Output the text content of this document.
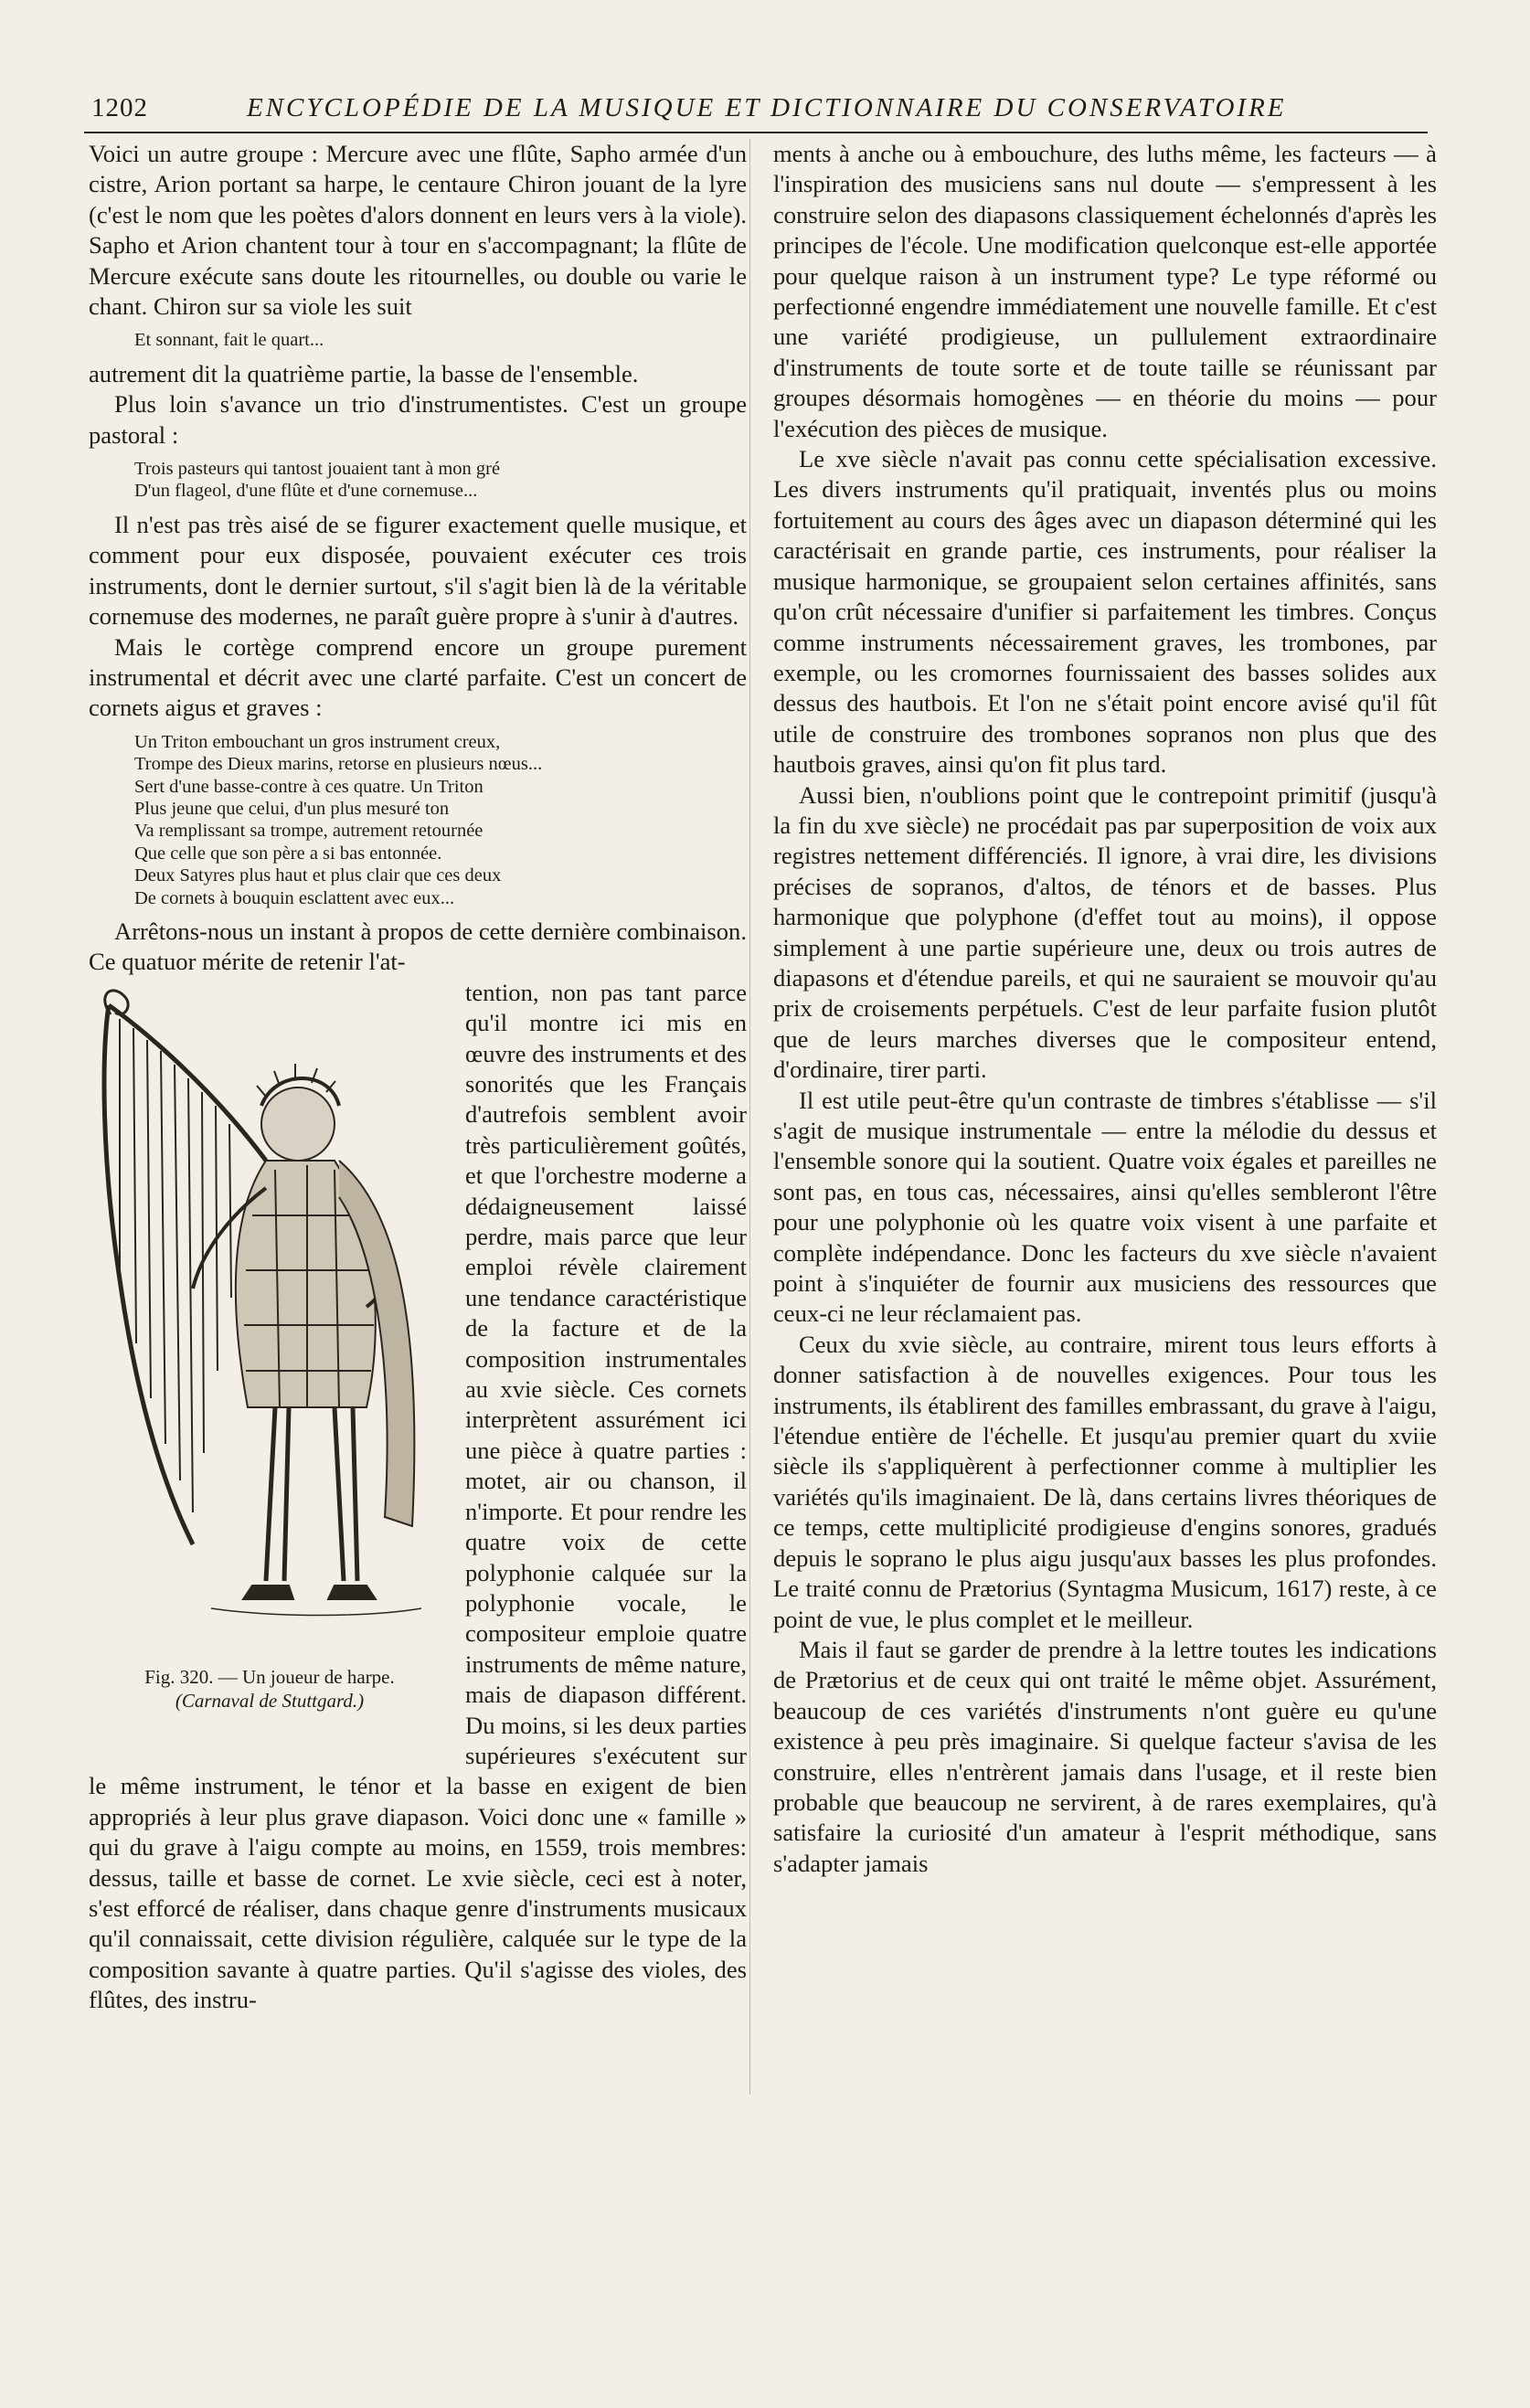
1202	ENCYCLOPÉDIE DE LA MUSIQUE ET DICTIONNAIRE DU CONSERVATOIRE

Voici un autre groupe : Mercure avec une flûte, Sapho armée d'un cistre, Arion portant sa harpe, le centaure Chiron jouant de la lyre (c'est le nom que les poètes d'alors donnent en leurs vers à la viole). Sapho et Arion chantent tour à tour en s'accompagnant; la flûte de Mercure exécute sans doute les ritournelles, ou double ou varie le chant. Chiron sur sa viole les suit

Et sonnant, fait le quart...

autrement dit la quatrième partie, la basse de l'ensemble.

Plus loin s'avance un trio d'instrumentistes. C'est un groupe pastoral :

Trois pasteurs qui tantost jouaient tant à mon gré
D'un flageol, d'une flûte et d'une cornemuse...

Il n'est pas très aisé de se figurer exactement quelle musique, et comment pour eux disposée, pouvaient exécuter ces trois instruments, dont le dernier surtout, s'il s'agit bien là de la véritable cornemuse des modernes, ne paraît guère propre à s'unir à d'autres.

Mais le cortège comprend encore un groupe purement instrumental et décrit avec une clarté parfaite. C'est un concert de cornets aigus et graves :

Un Triton embouchant un gros instrument creux,
Trompe des Dieux marins, retorse en plusieurs nœus...
Sert d'une basse-contre à ces quatre. Un Triton
Plus jeune que celui, d'un plus mesuré ton
Va remplissant sa trompe, autrement retournée
Que celle que son père a si bas entonnée.
Deux Satyres plus haut et plus clair que ces deux
De cornets à bouquin esclattent avec eux...

Arrêtons-nous un instant à propos de cette dernière combinaison. Ce quatuor mérite de retenir l'at-

Fig. 320. — Un joueur de harpe.
(Carnaval de Stuttgard.)

tention, non pas tant parce qu'il montre ici mis en œuvre des instruments et des sonorités que les Français d'autrefois semblent avoir très particulièrement goûtés, et que l'orchestre moderne a dédaigneusement laissé perdre, mais parce que leur emploi révèle clairement une tendance caractéristique de la facture et de la composition instrumentales au xvie siècle. Ces cornets interprètent assurément ici une pièce à quatre parties : motet, air ou chanson, il n'importe. Et pour rendre les quatre voix de cette polyphonie calquée sur la polyphonie vocale, le compositeur emploie quatre instruments de même nature, mais de diapason différent. Du moins, si les deux parties supérieures s'exécutent sur le même instrument, le ténor et la basse en exigent de bien appropriés à leur plus grave diapason. Voici donc une « famille » qui du grave à l'aigu compte au moins, en 1559, trois membres: dessus, taille et basse de cornet. Le xvie siècle, ceci est à noter, s'est efforcé de réaliser, dans chaque genre d'instruments musicaux qu'il connaissait, cette division régulière, calquée sur le type de la composition savante à quatre parties. Qu'il s'agisse des violes, des flûtes, des instru-

ments à anche ou à embouchure, des luths même, les facteurs — à l'inspiration des musiciens sans nul doute — s'empressent à les construire selon des diapasons classiquement échelonnés d'après les principes de l'école. Une modification quelconque est-elle apportée pour quelque raison à un instrument type? Le type réformé ou perfectionné engendre immédiatement une nouvelle famille. Et c'est une variété prodigieuse, un pullulement extraordinaire d'instruments de toute sorte et de toute taille se réunissant par groupes désormais homogènes — en théorie du moins — pour l'exécution des pièces de musique.

Le xve siècle n'avait pas connu cette spécialisation excessive. Les divers instruments qu'il pratiquait, inventés plus ou moins fortuitement au cours des âges avec un diapason déterminé qui les caractérisait en grande partie, ces instruments, pour réaliser la musique harmonique, se groupaient selon certaines affinités, sans qu'on crût nécessaire d'unifier si parfaitement les timbres. Conçus comme instruments nécessairement graves, les trombones, par exemple, ou les cromornes fournissaient des basses solides aux dessus des hautbois. Et l'on ne s'était point encore avisé qu'il fût utile de construire des trombones sopranos non plus que des hautbois graves, ainsi qu'on fit plus tard.

Aussi bien, n'oublions point que le contrepoint primitif (jusqu'à la fin du xve siècle) ne procédait pas par superposition de voix aux registres nettement différenciés. Il ignore, à vrai dire, les divisions précises de sopranos, d'altos, de ténors et de basses. Plus harmonique que polyphone (d'effet tout au moins), il oppose simplement à une partie supérieure une, deux ou trois autres de diapasons et d'étendue pareils, et qui ne sauraient se mouvoir qu'au prix de croisements perpétuels. C'est de leur parfaite fusion plutôt que de leurs marches diverses que le compositeur entend, d'ordinaire, tirer parti.

Il est utile peut-être qu'un contraste de timbres s'établisse — s'il s'agit de musique instrumentale — entre la mélodie du dessus et l'ensemble sonore qui la soutient. Quatre voix égales et pareilles ne sont pas, en tous cas, nécessaires, ainsi qu'elles sembleront l'être pour une polyphonie où les quatre voix visent à une parfaite et complète indépendance. Donc les facteurs du xve siècle n'avaient point à s'inquiéter de fournir aux musiciens des ressources que ceux-ci ne leur réclamaient pas.

Ceux du xvie siècle, au contraire, mirent tous leurs efforts à donner satisfaction à de nouvelles exigences. Pour tous les instruments, ils établirent des familles embrassant, du grave à l'aigu, l'étendue entière de l'échelle. Et jusqu'au premier quart du xviie siècle ils s'appliquèrent à perfectionner comme à multiplier les variétés qu'ils imaginaient. De là, dans certains livres théoriques de ce temps, cette multiplicité prodigieuse d'engins sonores, gradués depuis le soprano le plus aigu jusqu'aux basses les plus profondes. Le traité connu de Prætorius (Syntagma Musicum, 1617) reste, à ce point de vue, le plus complet et le meilleur.

Mais il faut se garder de prendre à la lettre toutes les indications de Prætorius et de ceux qui ont traité le même objet. Assurément, beaucoup de ces variétés d'instruments n'ont guère eu qu'une existence à peu près imaginaire. Si quelque facteur s'avisa de les construire, elles n'entrèrent jamais dans l'usage, et il reste bien probable que beaucoup ne servirent, à de rares exemplaires, qu'à satisfaire la curiosité d'un amateur à l'esprit méthodique, sans s'adapter jamais
